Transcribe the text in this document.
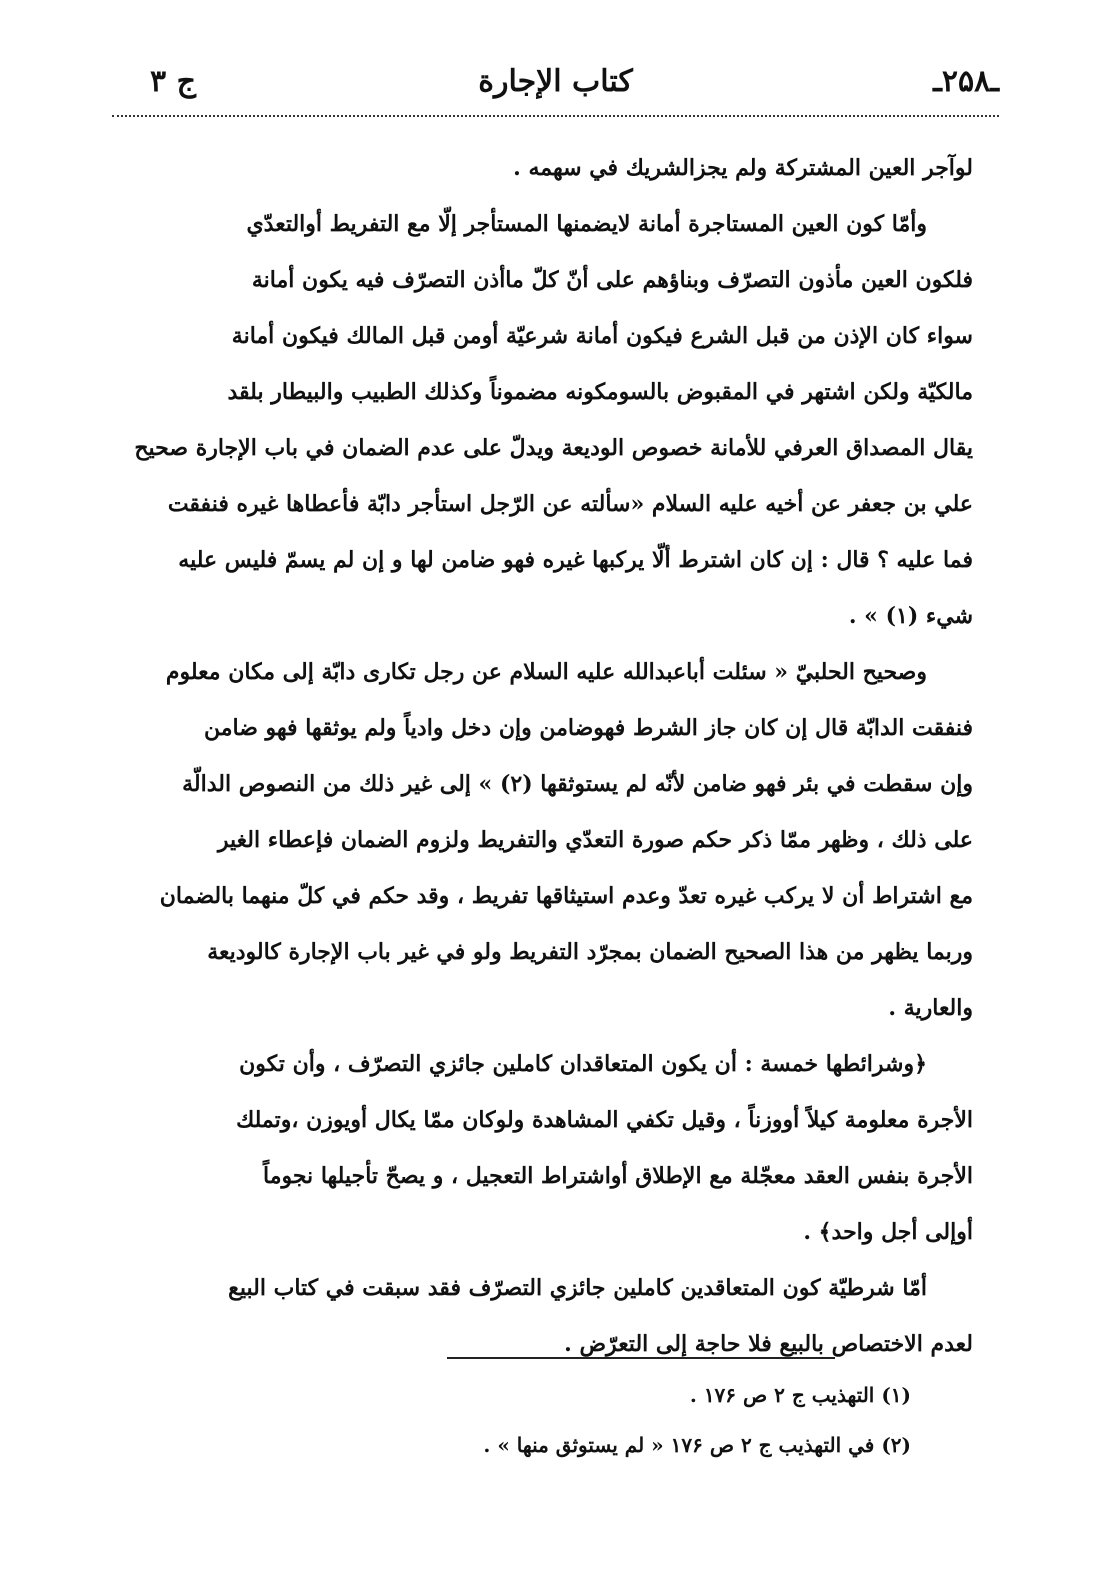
ج ۳	كتاب الإجارة	ـ۲۵۸ـ
لوآجر العين المشتركة ولم يجزالشريك في سهمه .
وأمّا كون العين المستاجرة أمانة لايضمنها المستأجر إلّا مع التفريط أوالتعدّي
فلكون العين مأذون التصرّف وبناؤهم على أنّ كلّ ماأذن التصرّف فيه يكون أمانة
سواء كان الإذن من قبل الشرع فيكون أمانة شرعيّة أومن قبل المالك فيكون أمانة
مالكيّة ولكن اشتهر في المقبوض بالسومكونه مضموناً وكذلك الطبيب والبيطار بلقد
يقال المصداق العرفي للأمانة خصوص الوديعة ويدلّ على عدم الضمان في باب الإجارة صحيح
علي بن جعفر عن أخيه عليه السلام «سألته عن الرّجل استأجر دابّة فأعطاها غيره فنفقت
فما عليه ؟ قال : إن كان اشترط ألّا يركبها غيره فهو ضامن لها و إن لم يسمّ فليس عليه
شيء (۱) » .
وصحيح الحلبيّ « سئلت أباعبدالله عليه السلام عن رجل تكارى دابّة إلى مكان معلوم
فنفقت الدابّة قال إن كان جاز الشرط فهوضامن وإن دخل وادياً ولم يوثقها فهو ضامن
وإن سقطت في بئر فهو ضامن لأنّه لم يستوثقها (۲) » إلى غير ذلك من النصوص الدالّة
على ذلك ، وظهر ممّا ذكر حكم صورة التعدّي والتفريط ولزوم الضمان فإعطاء الغير
مع اشتراط أن لا يركب غيره تعدّ وعدم استيثاقها تفريط ، وقد حكم في كلّ منهما بالضمان
وربما يظهر من هذا الصحيح الضمان بمجرّد التفريط ولو في غير باب الإجارة كالوديعة
والعارية .
﴿وشرائطها خمسة : أن يكون المتعاقدان كاملين جائزي التصرّف ، وأن تكون
الأجرة معلومة كيلاً أووزناً ، وقيل تكفي المشاهدة ولوكان ممّا يكال أويوزن ،وتملك
الأجرة بنفس العقد معجّلة مع الإطلاق أواشتراط التعجيل ، و يصحّ تأجيلها نجوماً
أوإلى أجل واحد﴾ .
أمّا شرطيّة كون المتعاقدين كاملين جائزي التصرّف فقد سبقت في كتاب البيع
لعدم الاختصاص بالبيع فلا حاجة إلى التعرّض .
(۱) التهذيب ج ۲ ص ۱۷۶ .
(۲) في التهذيب ج ۲ ص ۱۷۶ « لم يستوثق منها » .
